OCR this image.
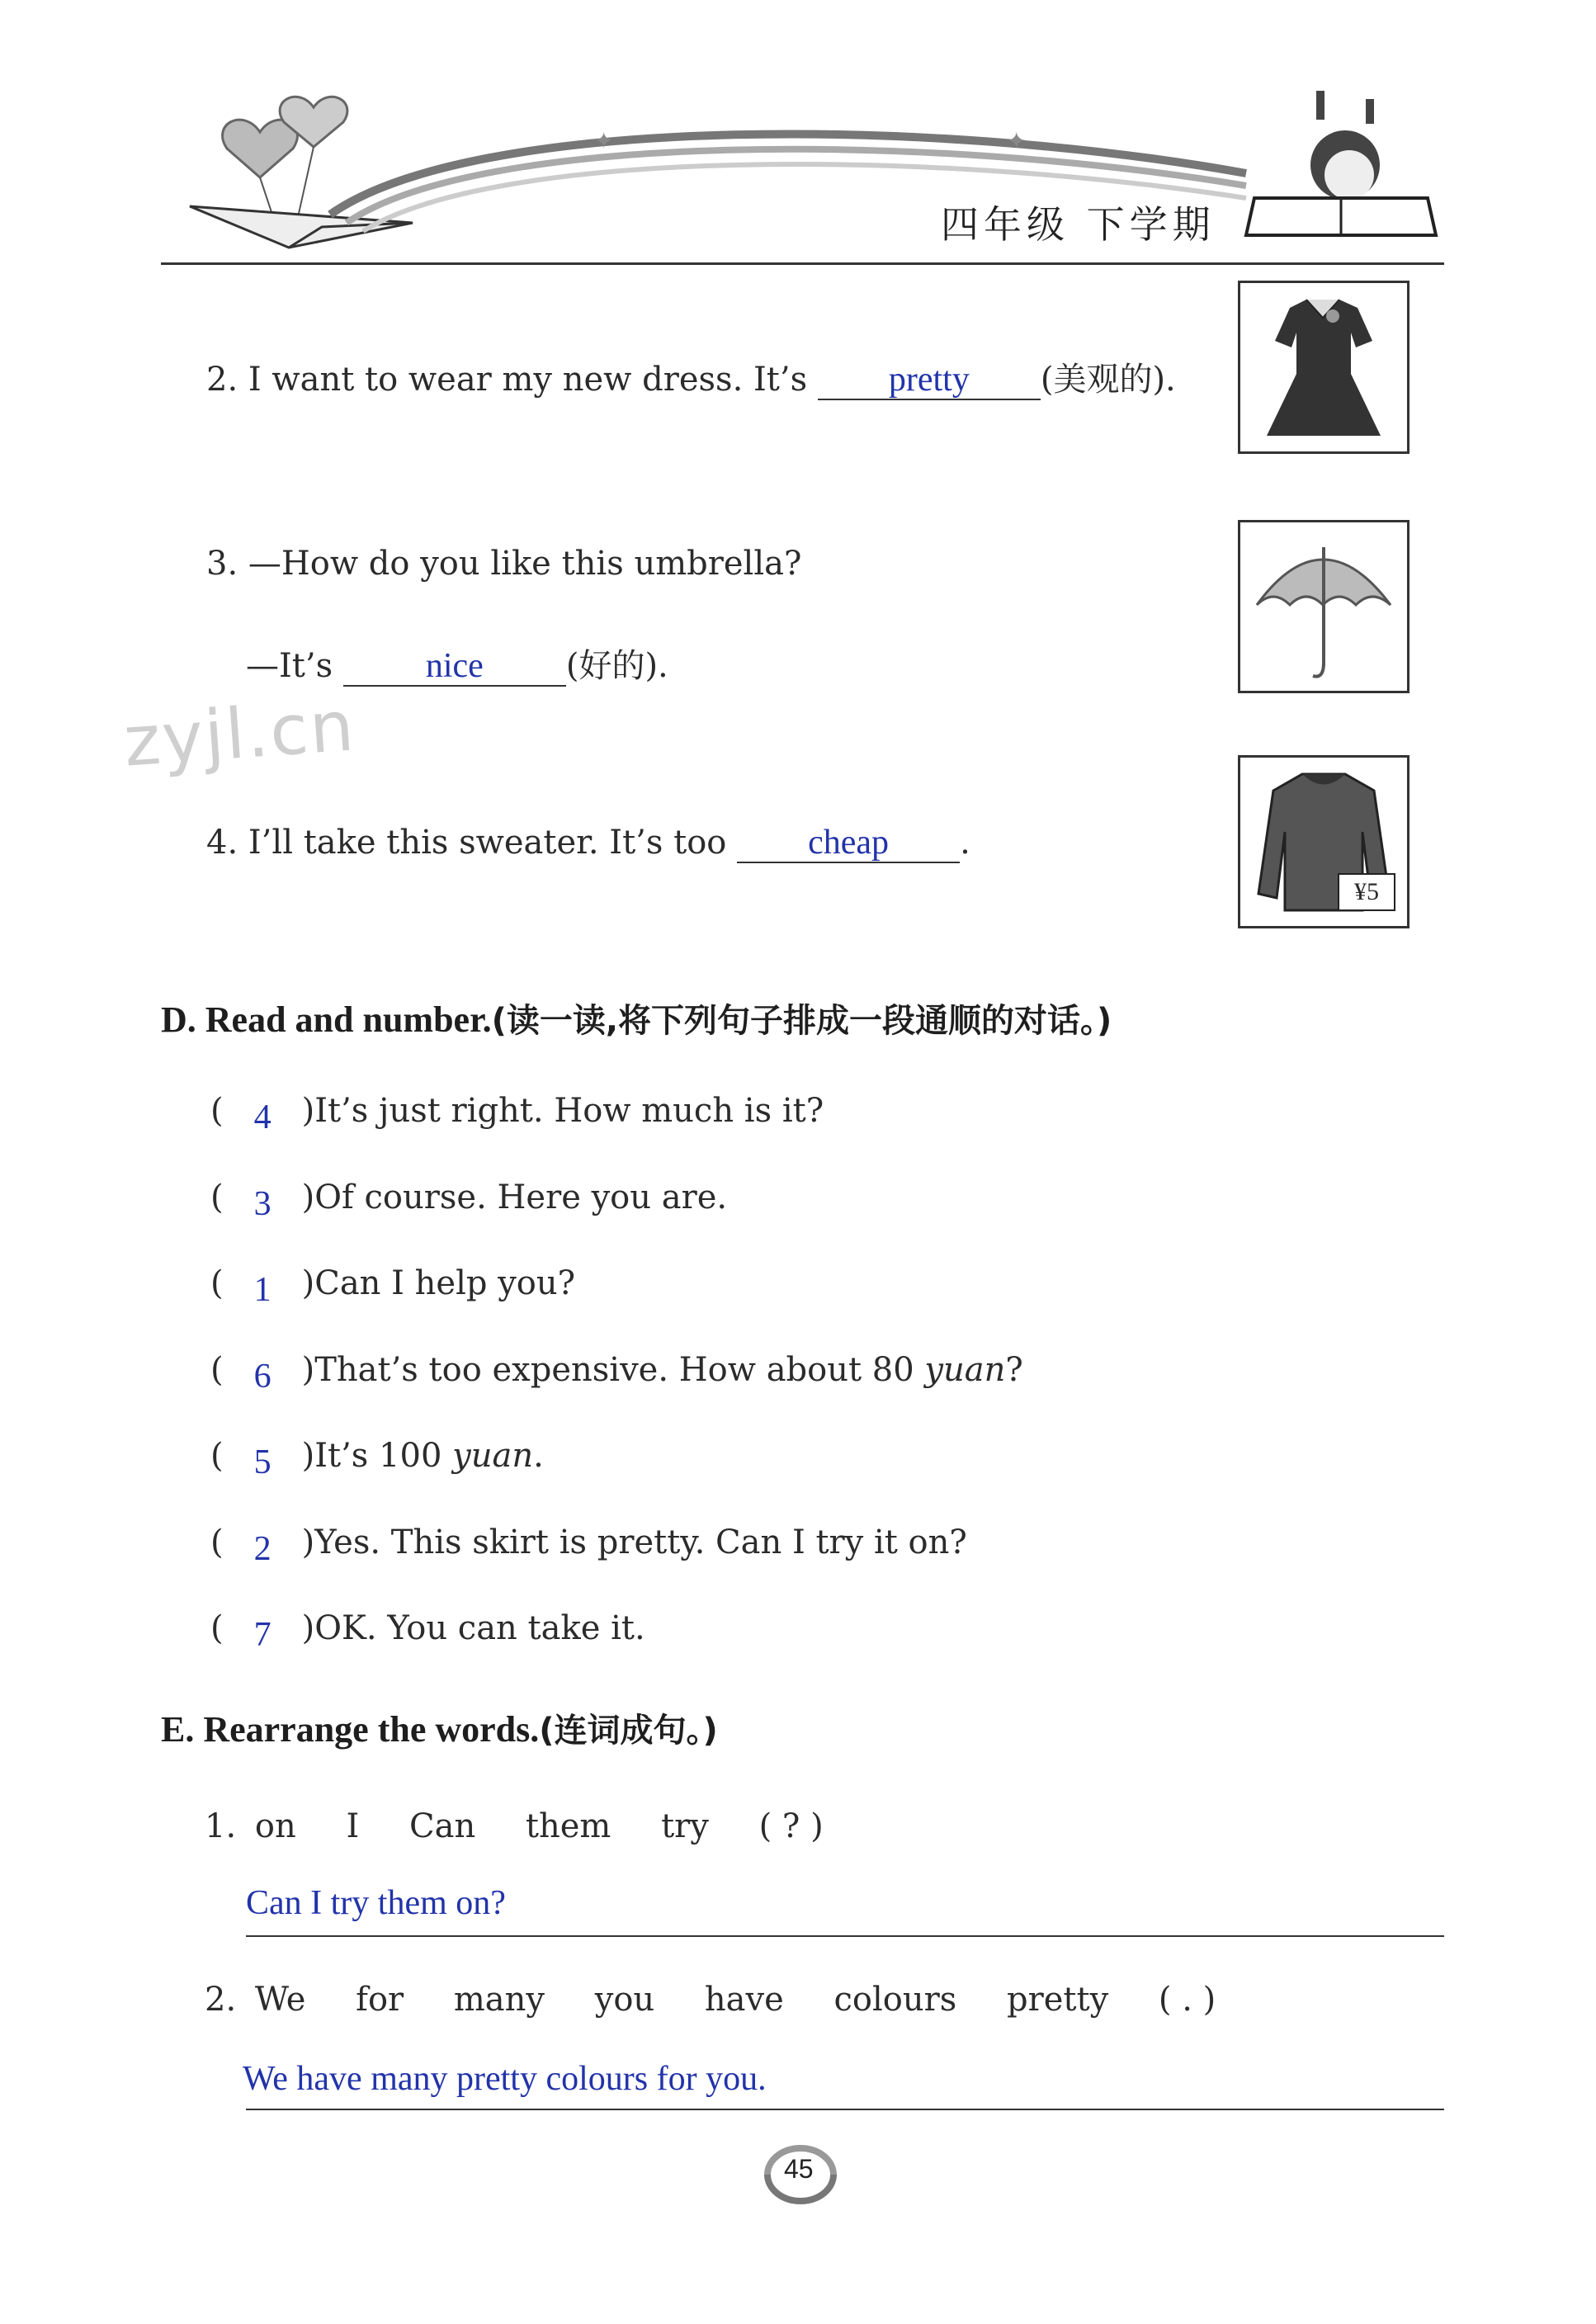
✦	✦
四年级 下学期
zyjl.cn
2. I want to wear my new dress. It’s pretty (美观的).
3. —How do you like this umbrella?
—It’s nice	(好的).
4. I’ll take this sweater. It’s too cheap .
¥5
D. Read and number.(读一读,将下列句子排成一段通顺的对话。)
( 4 )It’s just right. How much is it?
( 3 )Of course. Here you are.
( 1 )Can I help you?
( 6 )That’s too expensive. How about 80 yuan?
( 5 )It’s 100 yuan.
( 2 )Yes. This skirt is pretty. Can I try it on?
( 7 )OK. You can take it.
E. Rearrange the words.(连词成句。)
1. on I Can them try ( ? )
Can I try them on?
2. We for many you have colours pretty ( . )
We have many pretty colours for you.
45
